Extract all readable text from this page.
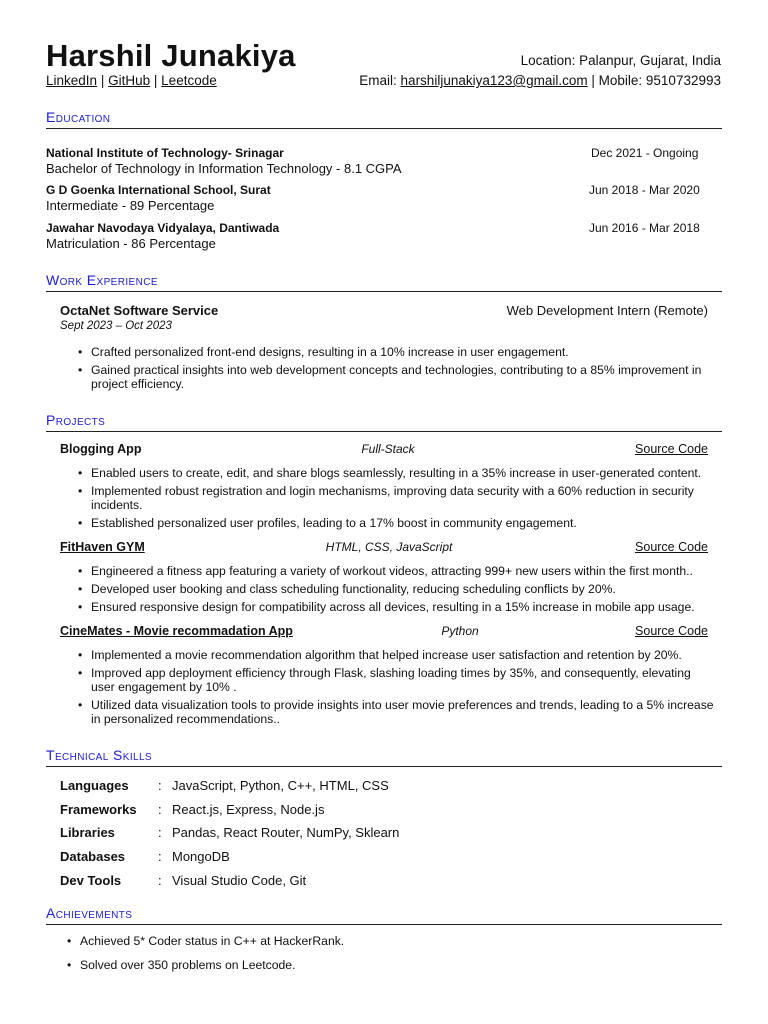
Harshil Junakiya
LinkedIn | GitHub | Leetcode
Location: Palanpur, Gujarat, India
Email: harshiljunakiya123@gmail.com | Mobile: 9510732993
Education
National Institute of Technology- Srinagar	Dec 2021 - Ongoing
Bachelor of Technology in Information Technology - 8.1 CGPA
G D Goenka International School, Surat	Jun 2018 - Mar 2020
Intermediate - 89 Percentage
Jawahar Navodaya Vidyalaya, Dantiwada	Jun 2016 - Mar 2018
Matriculation - 86 Percentage
Work Experience
OctaNet Software Service	Web Development Intern (Remote)
Sept 2023 – Oct 2023
• Crafted personalized front-end designs, resulting in a 10% increase in user engagement.
• Gained practical insights into web development concepts and technologies, contributing to a 85% improvement in project efficiency.
Projects
Blogging App	Full-Stack	Source Code
• Enabled users to create, edit, and share blogs seamlessly, resulting in a 35% increase in user-generated content.
• Implemented robust registration and login mechanisms, improving data security with a 60% reduction in security incidents.
• Established personalized user profiles, leading to a 17% boost in community engagement.
FitHaven GYM	HTML, CSS, JavaScript	Source Code
• Engineered a fitness app featuring a variety of workout videos, attracting 999+ new users within the first month..
• Developed user booking and class scheduling functionality, reducing scheduling conflicts by 20%.
• Ensured responsive design for compatibility across all devices, resulting in a 15% increase in mobile app usage.
CineMates - Movie recommadation App	Python	Source Code
• Implemented a movie recommendation algorithm that helped increase user satisfaction and retention by 20%.
• Improved app deployment efficiency through Flask, slashing loading times by 35%, and consequently, elevating user engagement by 10% .
• Utilized data visualization tools to provide insights into user movie preferences and trends, leading to a 5% increase in personalized recommendations..
Technical Skills
Languages : JavaScript, Python, C++, HTML, CSS
Frameworks : React.js, Express, Node.js
Libraries	: Pandas, React Router, NumPy, Sklearn
Databases	: MongoDB
Dev Tools	: Visual Studio Code, Git
Achievements
• Achieved 5* Coder status in C++ at HackerRank.
• Solved over 350 problems on Leetcode.
